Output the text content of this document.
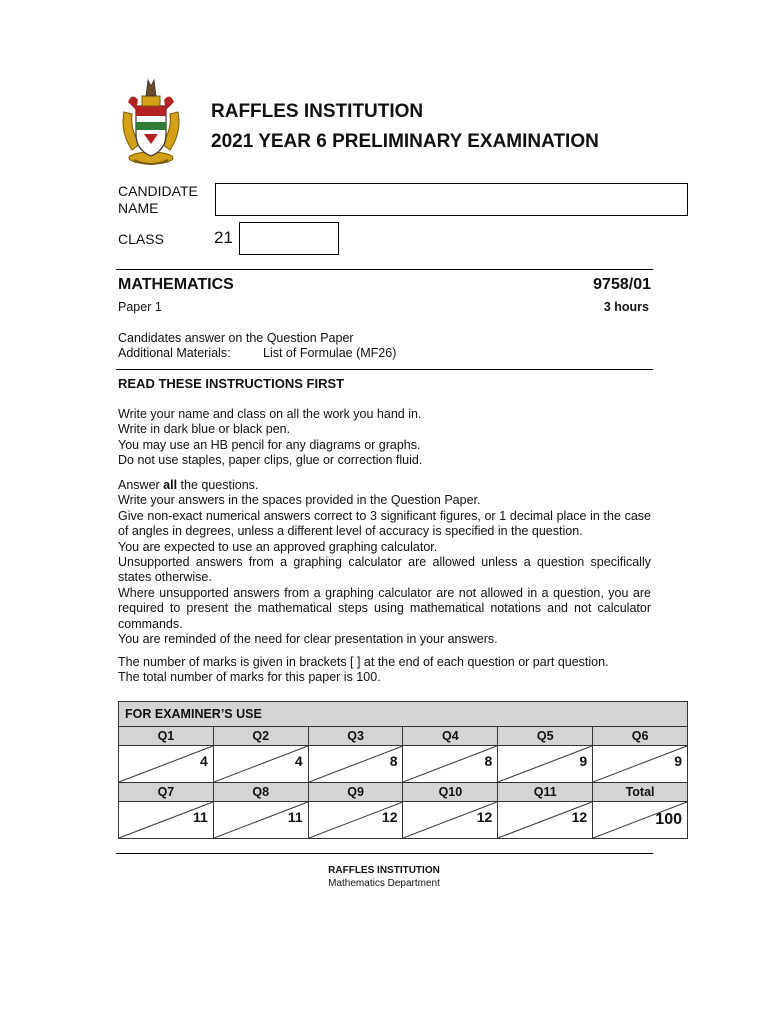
RAFFLES INSTITUTION
2021 YEAR 6 PRELIMINARY EXAMINATION
CANDIDATE
NAME
CLASS	21
MATHEMATICS	9758/01
Paper 1	3 hours
Candidates answer on the Question Paper
Additional Materials:	List of Formulae (MF26)
READ THESE INSTRUCTIONS FIRST
Write your name and class on all the work you hand in.
Write in dark blue or black pen.
You may use an HB pencil for any diagrams or graphs.
Do not use staples, paper clips, glue or correction fluid.
Answer all the questions.
Write your answers in the spaces provided in the Question Paper.
Give non-exact numerical answers correct to 3 significant figures, or 1 decimal place in the case of angles in degrees, unless a different level of accuracy is specified in the question.
You are expected to use an approved graphing calculator.
Unsupported answers from a graphing calculator are allowed unless a question specifically states otherwise.
Where unsupported answers from a graphing calculator are not allowed in a question, you are required to present the mathematical steps using mathematical notations and not calculator commands.
You are reminded of the need for clear presentation in your answers.
The number of marks is given in brackets [ ] at the end of each question or part question.
The total number of marks for this paper is 100.
FOR EXAMINER’S USE					
Q1	Q2	Q3	Q4	Q5	Q6

4	4	8	8	9	9

Q7	Q8	Q9	Q10	Q11	Total

11	11	12	12	12	100
RAFFLES INSTITUTION
Mathematics Department
